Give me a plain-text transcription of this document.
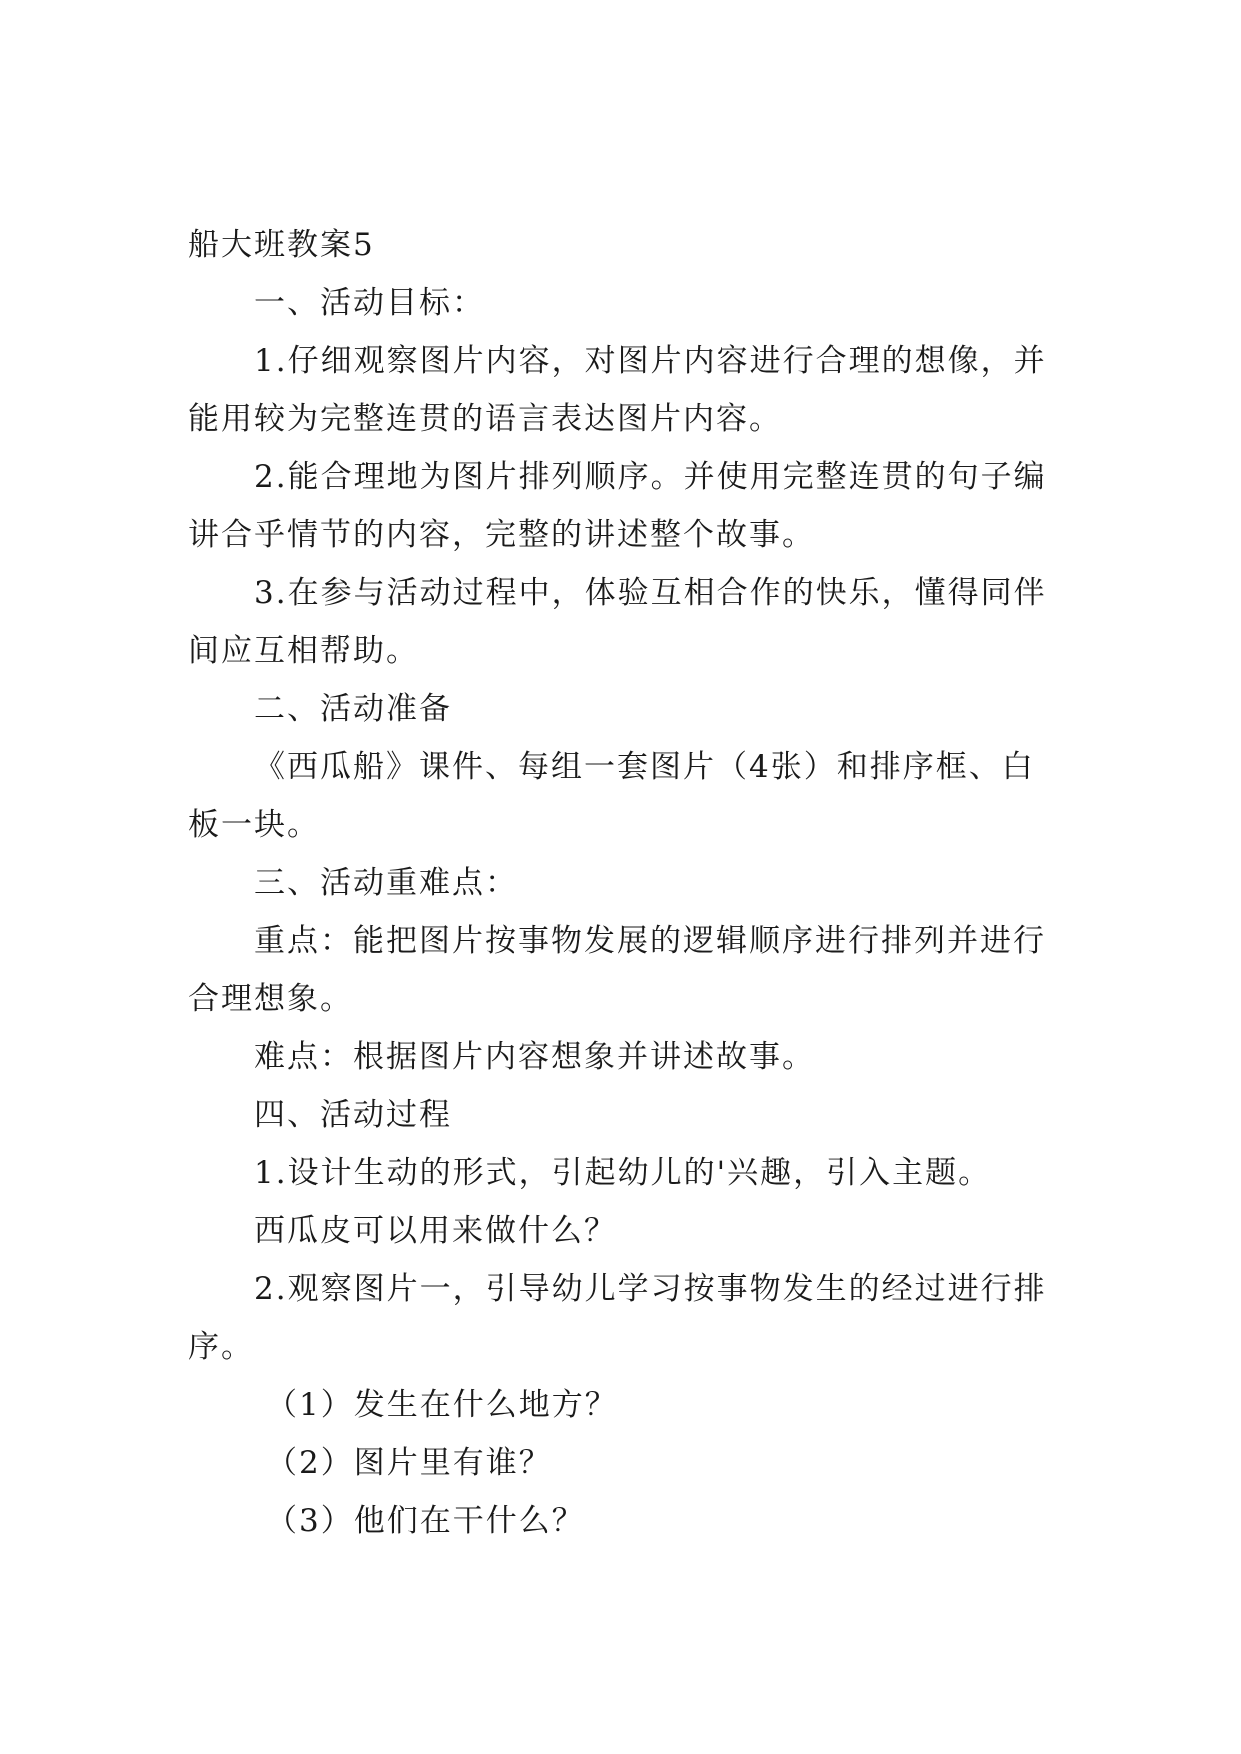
船大班教案5
一、活动目标：
1.仔细观察图片内容，对图片内容进行合理的想像，并
能用较为完整连贯的语言表达图片内容。
2.能合理地为图片排列顺序。并使用完整连贯的句子编
讲合乎情节的内容，完整的讲述整个故事。
3.在参与活动过程中，体验互相合作的快乐，懂得同伴
间应互相帮助。
二、活动准备
《西瓜船》课件、每组一套图片（4张）和排序框、白
板一块。
三、活动重难点：
重点：能把图片按事物发展的逻辑顺序进行排列并进行
合理想象。
难点：根据图片内容想象并讲述故事。
四、活动过程
1.设计生动的形式，引起幼儿的'兴趣，引入主题。
西瓜皮可以用来做什么？
2.观察图片一，引导幼儿学习按事物发生的经过进行排
序。
（1）发生在什么地方？
（2）图片里有谁？
（3）他们在干什么？
